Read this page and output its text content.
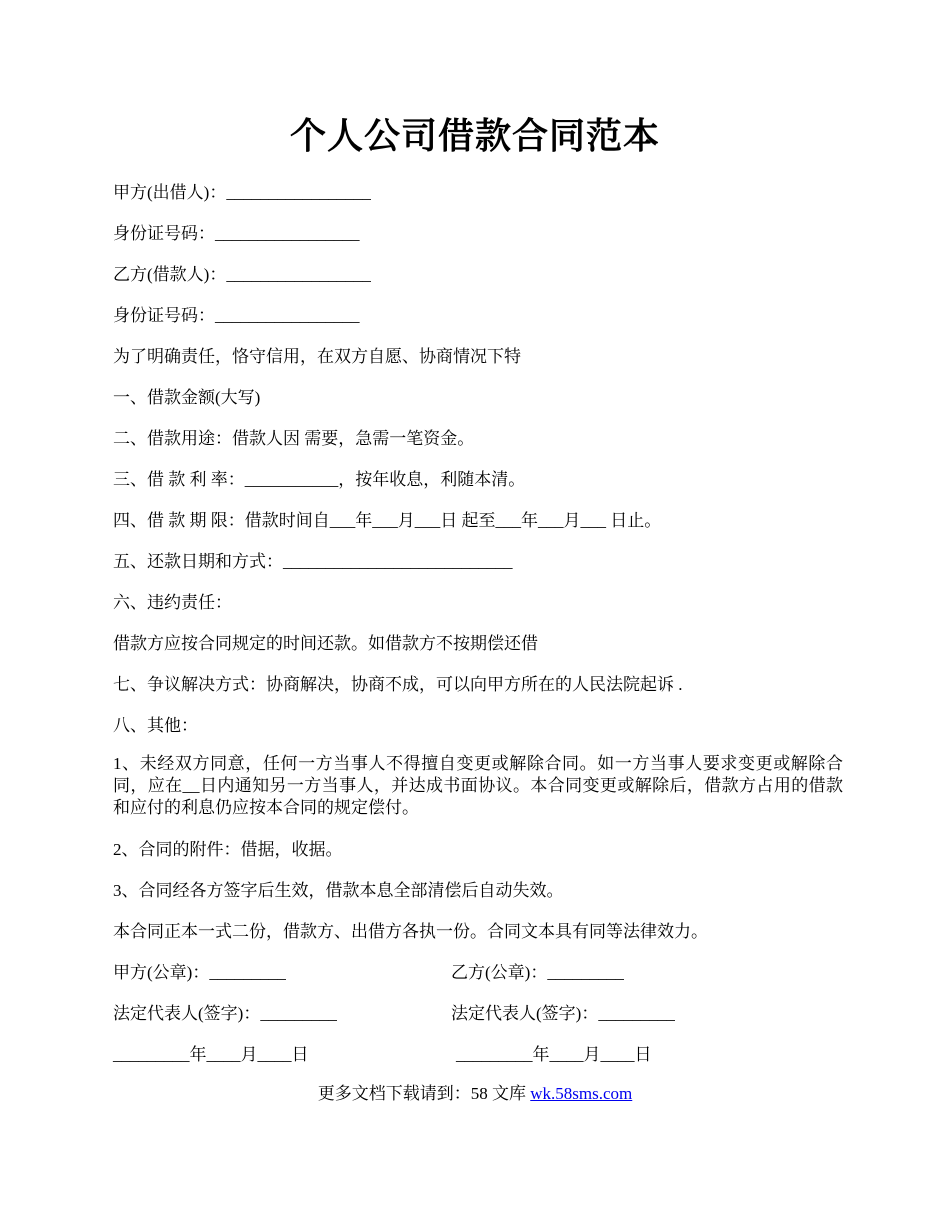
个人公司借款合同范本
甲方(出借人)：_________________
身份证号码：_________________
乙方(借款人)：_________________
身份证号码：_________________
为了明确责任，恪守信用，在双方自愿、协商情况下特
一、借款金额(大写)
二、借款用途：借款人因 需要，急需一笔资金。
三、借 款 利 率：___________，按年收息，利随本清。
四、借 款 期 限：借款时间自___年___月___日 起至___年___月___ 日止。
五、还款日期和方式：___________________________
六、违约责任：
借款方应按合同规定的时间还款。如借款方不按期偿还借
七、争议解决方式：协商解决，协商不成，可以向甲方所在的人民法院起诉 .
八、其他：
1、未经双方同意，任何一方当事人不得擅自变更或解除合同。如一方当事人要求变更或解除合同，应在__日内通知另一方当事人，并达成书面协议。本合同变更或解除后，借款方占用的借款和应付的利息仍应按本合同的规定偿付。
2、合同的附件：借据，收据。
3、合同经各方签字后生效，借款本息全部清偿后自动失效。
本合同正本一式二份，借款方、出借方各执一份。合同文本具有同等法律效力。
甲方(公章)：_________	乙方(公章)：_________
法定代表人(签字)：_________	法定代表人(签字)：_________
_________年____月____日	_________年____月____日
更多文档下载请到：58 文库 wk.58sms.com
